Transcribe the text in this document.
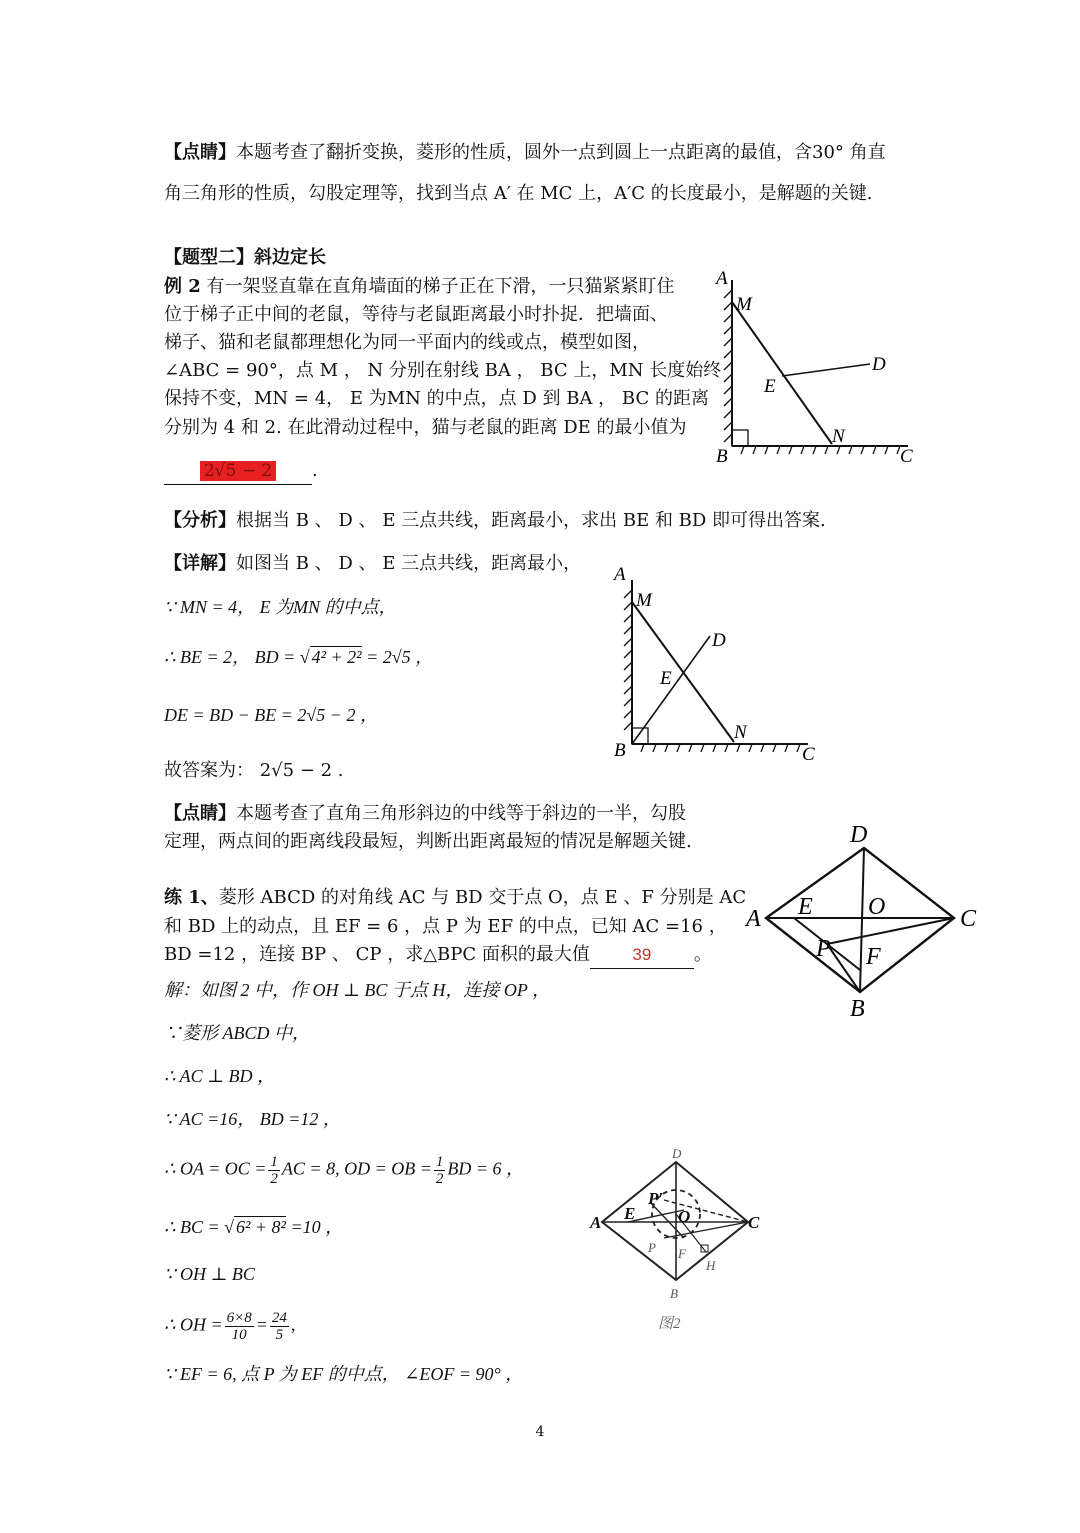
【点睛】本题考查了翻折变换，菱形的性质，圆外一点到圆上一点距离的最值，含30° 角直
角三角形的性质，勾股定理等，找到当点 A′ 在 MC 上，A′C 的长度最小，是解题的关键.
【题型二】斜边定长
例 2 有一架竖直靠在直角墙面的梯子正在下滑，一只猫紧紧盯住
位于梯子正中间的老鼠，等待与老鼠距离最小时扑捉．把墙面、
梯子、猫和老鼠都理想化为同一平面内的线或点，模型如图，
∠ABC = 90°，点 M ， N 分别在射线 BA ， BC 上，MN 长度始终
保持不变，MN = 4， E 为MN 的中点，点 D 到 BA ， BC 的距离
分别为 4 和 2. 在此滑动过程中，猫与老鼠的距离 DE 的最小值为
2√5 − 2 .
A
M
D
E
N
B	C
【分析】根据当 B 、 D 、 E 三点共线，距离最小，求出 BE 和 BD 即可得出答案.
【详解】如图当 B 、 D 、 E 三点共线，距离最小，
∵ MN = 4， E 为MN 的中点，
∴ BE = 2， BD = √ 4² + 2² = 2√5 ，
DE = BD − BE = 2√5 − 2 ，
故答案为： 2√5 − 2 .
A
M
D
E
N
B	C
【点睛】本题考查了直角三角形斜边的中线等于斜边的一半，勾股
定理，两点间的距离线段最短，判断出距离最短的情况是解题关键.
练 1、菱形 ABCD 的对角线 AC 与 BD 交于点 O，点 E 、F 分别是 AC
和 BD 上的动点，且 EF = 6 ，点 P 为 EF 的中点，已知 AC =16 ，
BD =12 ，连接 BP 、 CP ，求△BPC 面积的最大值	39 。
D
A E O	C
P F
B
解：如图 2 中，作 OH ⊥ BC 于点 H，连接 OP ，
∵菱形 ABCD 中，
∴ AC ⊥ BD ，
∵ AC =16， BD =12 ，
∴ OA = OC = $\frac{1}{2}$ AC = 8, OD = OB = $\frac{1}{2}$ BD = 6 ，
∴ BC = √ 6² + 8² =10 ，
∵ OH ⊥ BC
∴ OH = $\frac{6\times 8}{10} = \frac{24}{5}$ ,
∵ EF = 6, 点 P 为 EF 的中点， ∠EOF = 90° ，
D
A E
P′
O	C
P F
H
B
图2
4
